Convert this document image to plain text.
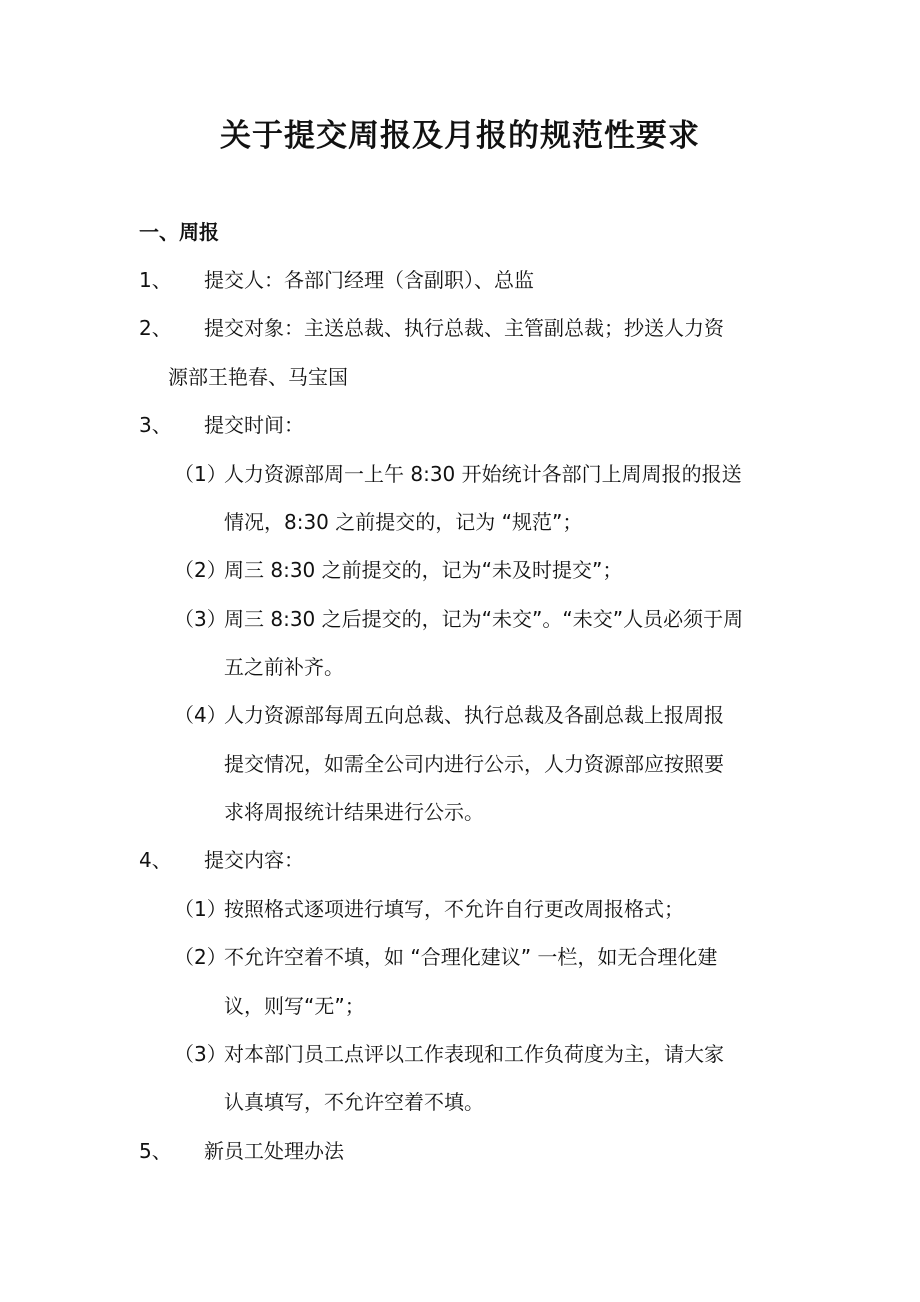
关于提交周报及月报的规范性要求

一、周报

1、 提交人：各部门经理（含副职）、总监

2、 提交对象：主送总裁、执行总裁、主管副总裁；抄送人力资

源部王艳春、马宝国

3、 提交时间：

（1）

人力资源部周一上午 8:30 开始统计各部门上周周报的报送

情况，8:30 之前提交的，记为 “规范”；

（2）

周三 8:30 之前提交的，记为“未及时提交”；

（3）

周三 8:30 之后提交的，记为“未交”。“未交”人员必须于周

五之前补齐。

（4）

人力资源部每周五向总裁、执行总裁及各副总裁上报周报

提交情况，如需全公司内进行公示，人力资源部应按照要

求将周报统计结果进行公示。

4、 提交内容：

（1）

按照格式逐项进行填写，不允许自行更改周报格式；

（2）

不允许空着不填，如 “合理化建议” 一栏，如无合理化建

议，则写“无”；

（3）

对本部门员工点评以工作表现和工作负荷度为主，请大家

认真填写，不允许空着不填。

5、 新员工处理办法
